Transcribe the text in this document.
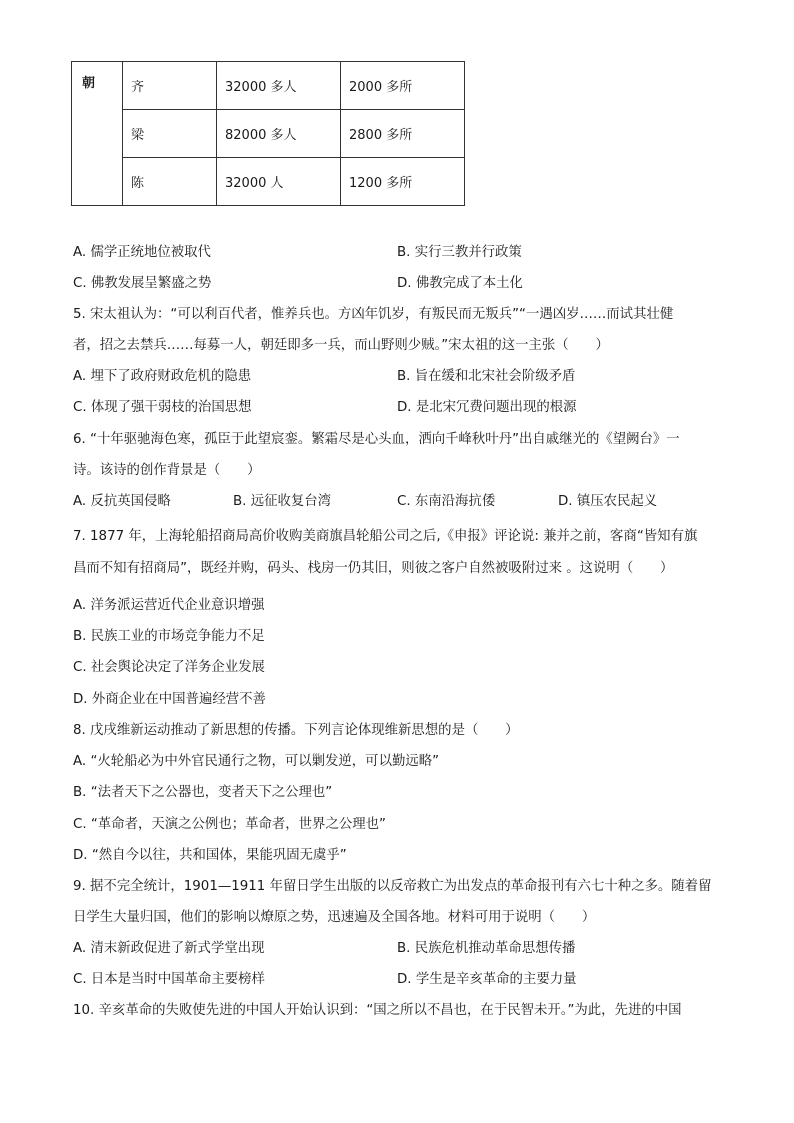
朝	齐	32000 多人	2000 多所
	梁	82000 多人	2800 多所
	陈	32000 人	1200 多所
A. 儒学正统地位被取代	B. 实行三教并行政策
C. 佛教发展呈繁盛之势	D. 佛教完成了本土化
5. 宋太祖认为：“可以利百代者，惟养兵也。方凶年饥岁，有叛民而无叛兵”“一遇凶岁……而试其壮健
者，招之去禁兵……每募一人，朝廷即多一兵，而山野则少贼。”宋太祖的这一主张（　　）
A. 埋下了政府财政危机的隐患	B. 旨在缓和北宋社会阶级矛盾
C. 体现了强干弱枝的治国思想	D. 是北宋冗费问题出现的根源
6. “十年驱驰海色寒，孤臣于此望宸銮。繁霜尽是心头血，洒向千峰秋叶丹”出自戚继光的《望阙台》一
诗。该诗的创作背景是（　　）
A. 反抗英国侵略	B. 远征收复台湾	C. 东南沿海抗倭	D. 镇压农民起义
7. 1877 年，上海轮船招商局高价收购美商旗昌轮船公司之后,《申报》评论说: 兼并之前，客商“皆知有旗
昌而不知有招商局”，既经并购，码头、栈房一仍其旧，则彼之客户自然被吸附过来 。这说明（　　）
A. 洋务派运营近代企业意识增强
B. 民族工业的市场竞争能力不足
C. 社会舆论决定了洋务企业发展
D. 外商企业在中国普遍经营不善
8. 戊戌维新运动推动了新思想的传播。下列言论体现维新思想的是（　　）
A. “火轮船必为中外官民通行之物，可以剿发逆，可以勤远略”
B. “法者天下之公器也，变者天下之公理也”
C. “革命者，天演之公例也；革命者，世界之公理也”
D. “然自今以往，共和国体，果能巩固无虞乎”
9. 据不完全统计，1901—1911 年留日学生出版的以反帝救亡为出发点的革命报刊有六七十种之多。随着留
日学生大量归国，他们的影响以燎原之势，迅速遍及全国各地。材料可用于说明（　　）
A. 清末新政促进了新式学堂出现	B. 民族危机推动革命思想传播
C. 日本是当时中国革命主要榜样	D. 学生是辛亥革命的主要力量
10. 辛亥革命的失败使先进的中国人开始认识到：“国之所以不昌也，在于民智未开。”为此，先进的中国
